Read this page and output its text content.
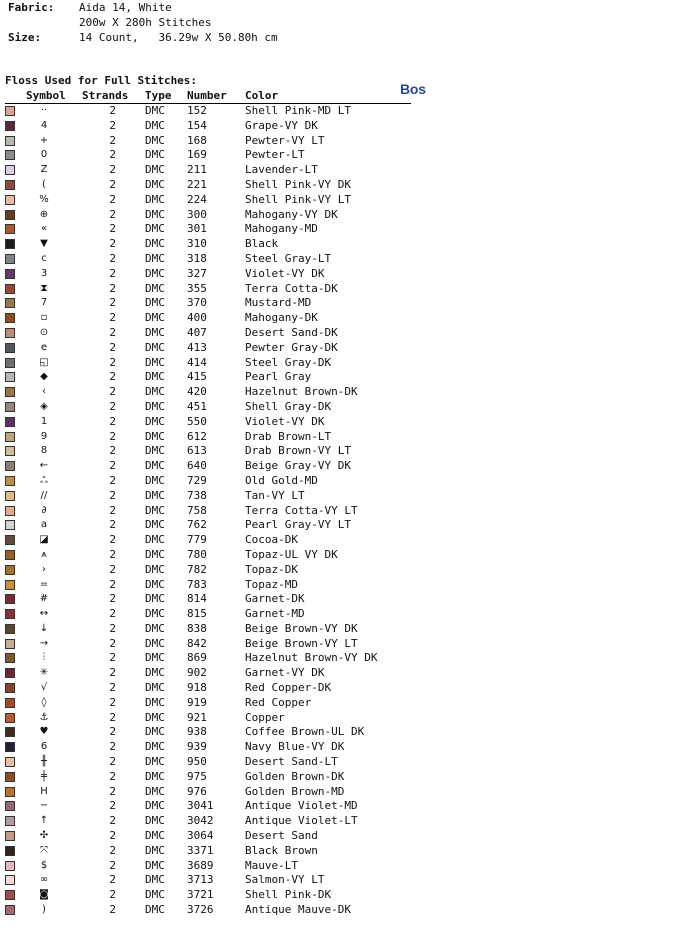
Fabric:	Aida 14, White
200w X 280h Stitches
Size:	14 Count,   36.29w X 50.80h cm
Floss Used for Full Stitches:
Bos
Symbol	Strands	Type	Number	Color
··	2	DMC	152	Shell Pink-MD LT
4	2	DMC	154	Grape-VY DK
+	2	DMC	168	Pewter-VY LT
0	2	DMC	169	Pewter-LT
Z	2	DMC	211	Lavender-LT
(	2	DMC	221	Shell Pink-VY DK
%	2	DMC	224	Shell Pink-VY LT
⊕	2	DMC	300	Mahogany-VY DK
«	2	DMC	301	Mahogany-MD
▼	2	DMC	310	Black
c	2	DMC	318	Steel Gray-LT
3	2	DMC	327	Violet-VY DK
⧗	2	DMC	355	Terra Cotta-DK
7	2	DMC	370	Mustard-MD
▫	2	DMC	400	Mahogany-DK
⊙	2	DMC	407	Desert Sand-DK
e	2	DMC	413	Pewter Gray-DK
◱	2	DMC	414	Steel Gray-DK
◆	2	DMC	415	Pearl Gray
‹	2	DMC	420	Hazelnut Brown-DK
◈	2	DMC	451	Shell Gray-DK
1	2	DMC	550	Violet-VY DK
9	2	DMC	612	Drab Brown-LT
8	2	DMC	613	Drab Brown-VY LT
←	2	DMC	640	Beige Gray-VY DK
ஃ	2	DMC	729	Old Gold-MD
//	2	DMC	738	Tan-VY LT
∂	2	DMC	758	Terra Cotta-VY LT
a	2	DMC	762	Pearl Gray-VY LT
◪	2	DMC	779	Cocoa-DK
⩚	2	DMC	780	Topaz-UL VY DK
›	2	DMC	782	Topaz-DK
=	2	DMC	783	Topaz-MD
#	2	DMC	814	Garnet-DK
↔	2	DMC	815	Garnet-MD
↓	2	DMC	838	Beige Brown-VY DK
→	2	DMC	842	Beige Brown-VY LT
⫶	2	DMC	869	Hazelnut Brown-VY DK
✳	2	DMC	902	Garnet-VY DK
√	2	DMC	918	Red Copper-DK
◊	2	DMC	919	Red Copper
⚓	2	DMC	921	Copper
♥	2	DMC	938	Coffee Brown-UL DK
6	2	DMC	939	Navy Blue-VY DK
╫	2	DMC	950	Desert Sand-LT
╪	2	DMC	975	Golden Brown-DK
H	2	DMC	976	Golden Brown-MD
−	2	DMC	3041	Antique Violet-MD
↑	2	DMC	3042	Antique Violet-LT
✣	2	DMC	3064	Desert Sand
⤧	2	DMC	3371	Black Brown
$	2	DMC	3689	Mauve-LT
∞	2	DMC	3713	Salmon-VY LT
◙	2	DMC	3721	Shell Pink-DK
)	2	DMC	3726	Antique Mauve-DK
